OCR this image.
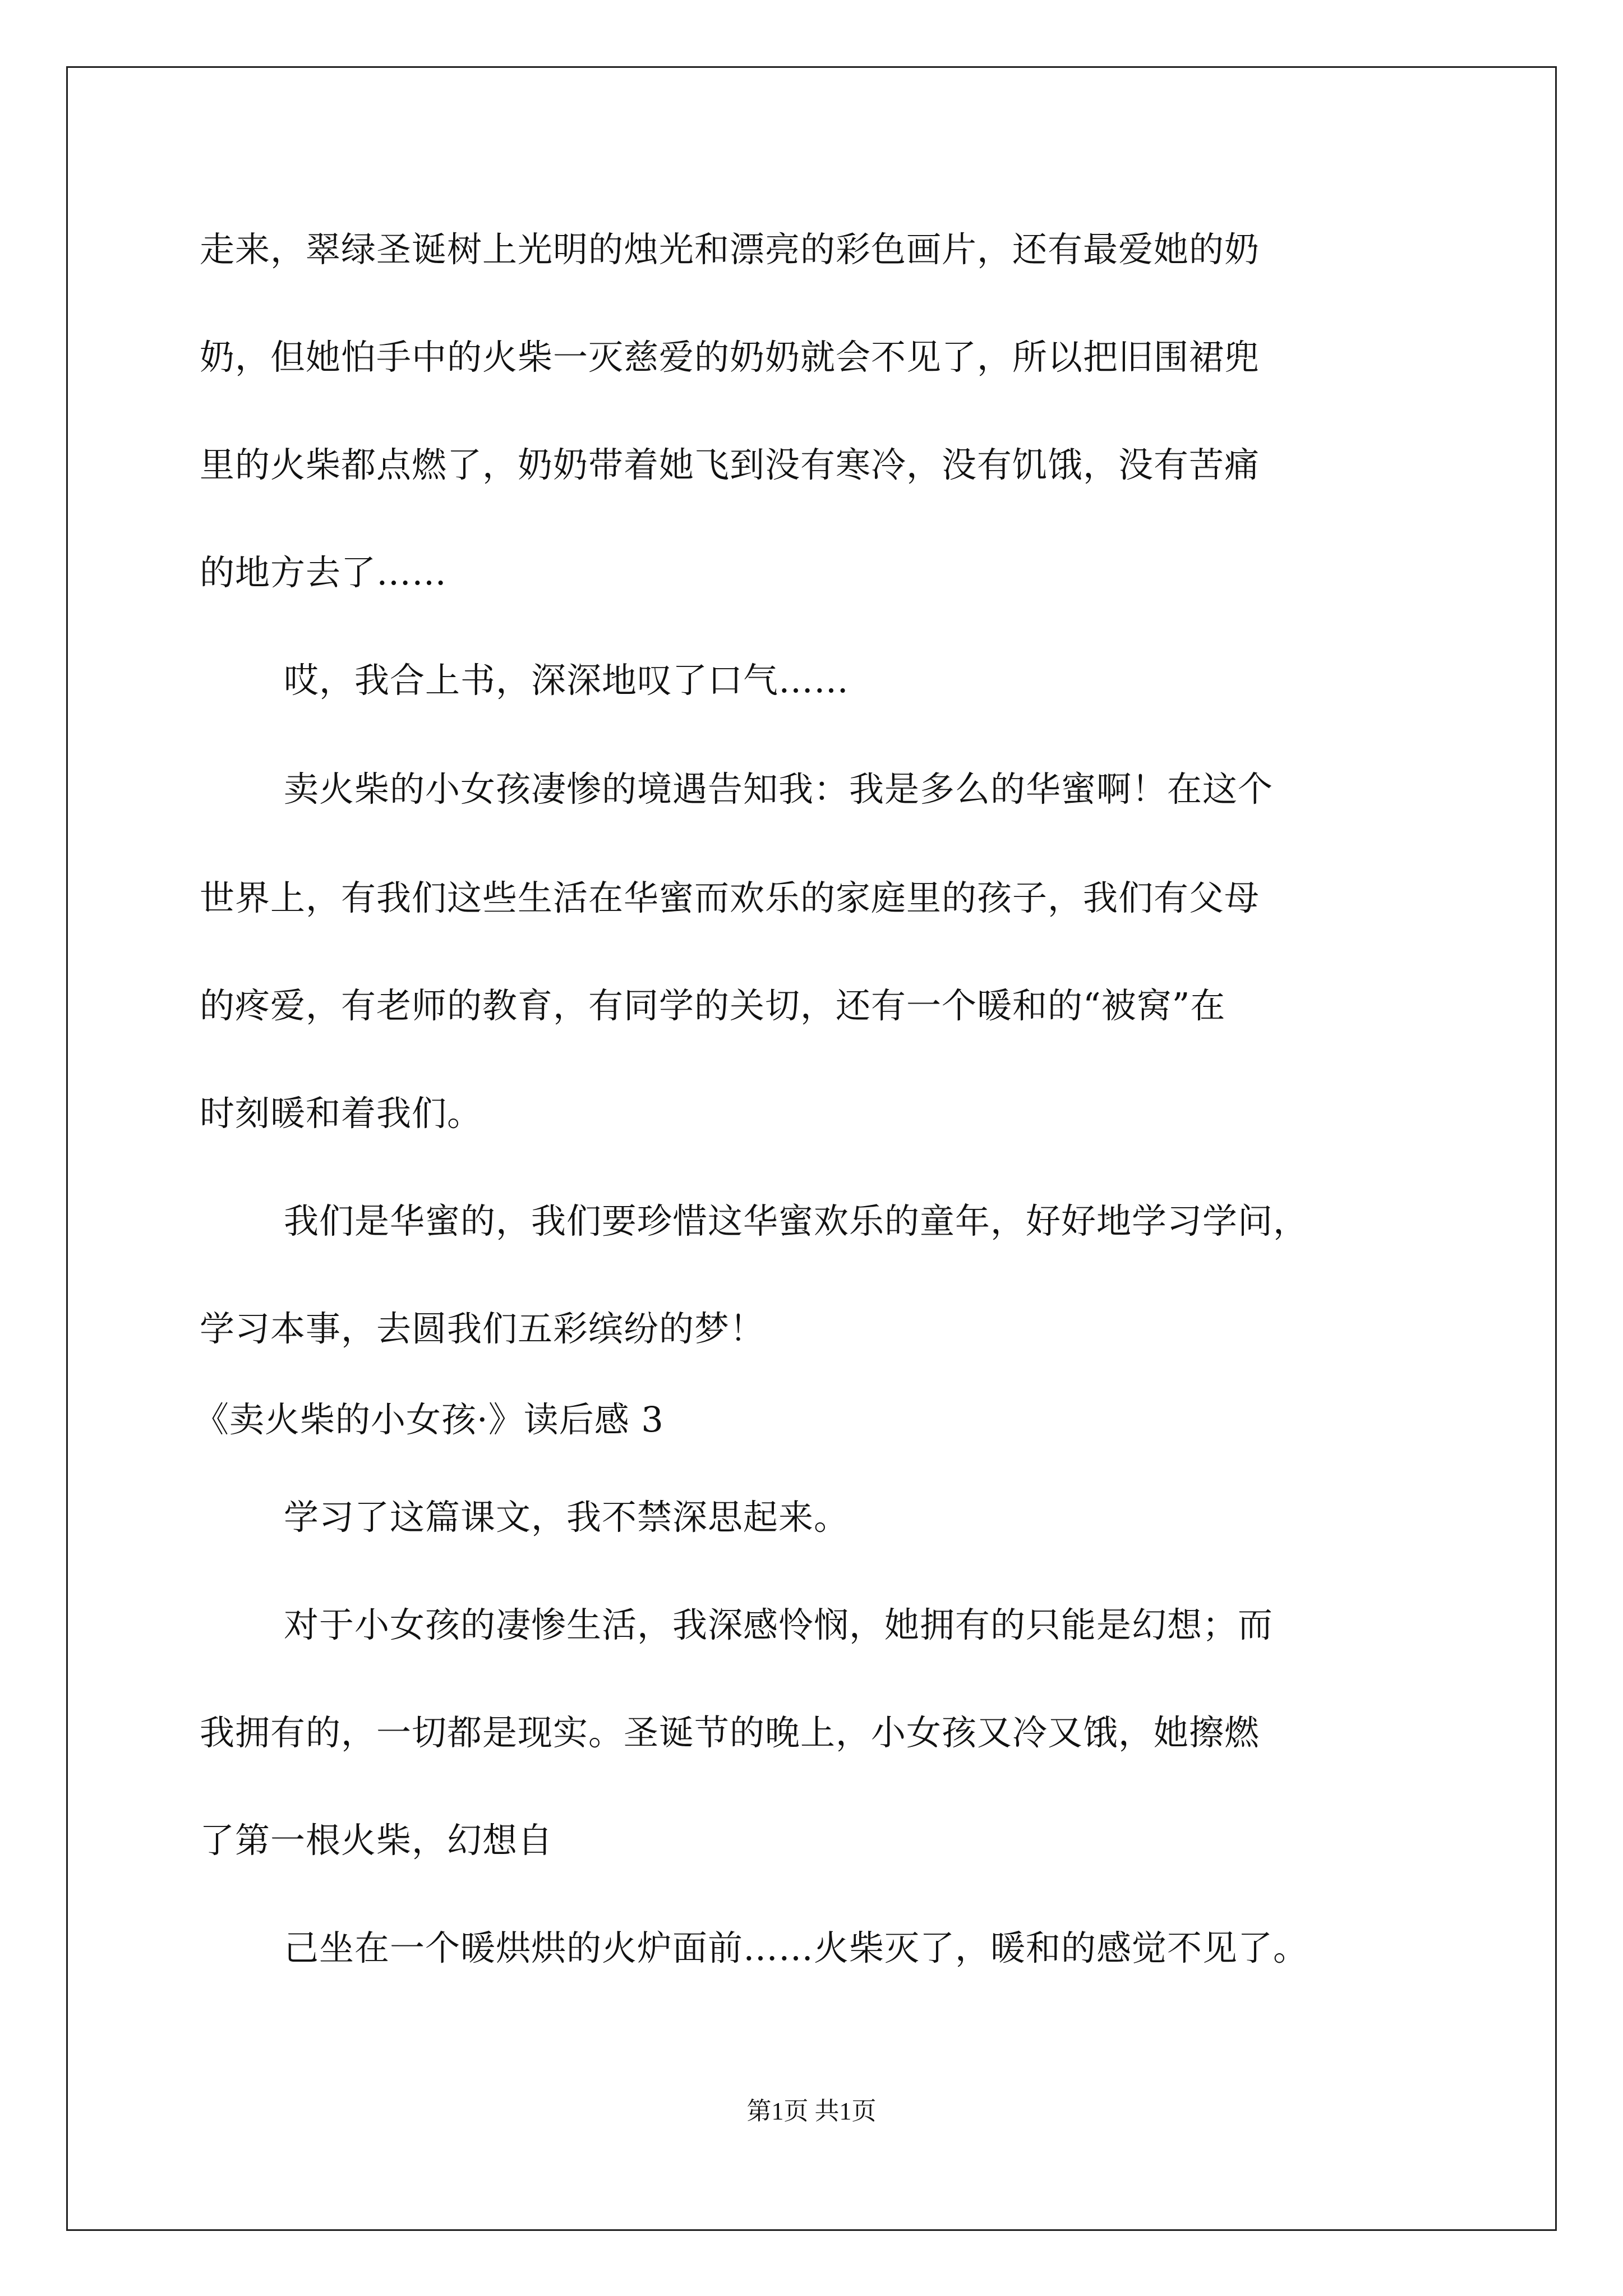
走来，翠绿圣诞树上光明的烛光和漂亮的彩色画片，还有最爱她的奶
奶，但她怕手中的火柴一灭慈爱的奶奶就会不见了，所以把旧围裙兜
里的火柴都点燃了，奶奶带着她飞到没有寒冷，没有饥饿，没有苦痛
的地方去了……
哎，我合上书，深深地叹了口气……
卖火柴的小女孩凄惨的境遇告知我：我是多么的华蜜啊！在这个
世界上，有我们这些生活在华蜜而欢乐的家庭里的孩子，我们有父母
的疼爱，有老师的教育，有同学的关切，还有一个暖和的“被窝”在
时刻暖和着我们。
我们是华蜜的，我们要珍惜这华蜜欢乐的童年，好好地学习学问，
学习本事，去圆我们五彩缤纷的梦！
《卖火柴的小女孩·》读后感 3
学习了这篇课文，我不禁深思起来。
对于小女孩的凄惨生活，我深感怜悯，她拥有的只能是幻想；而
我拥有的，一切都是现实。圣诞节的晚上，小女孩又冷又饿，她擦燃
了第一根火柴，幻想自
己坐在一个暖烘烘的火炉面前……火柴灭了，暖和的感觉不见了。
第1页 共1页
